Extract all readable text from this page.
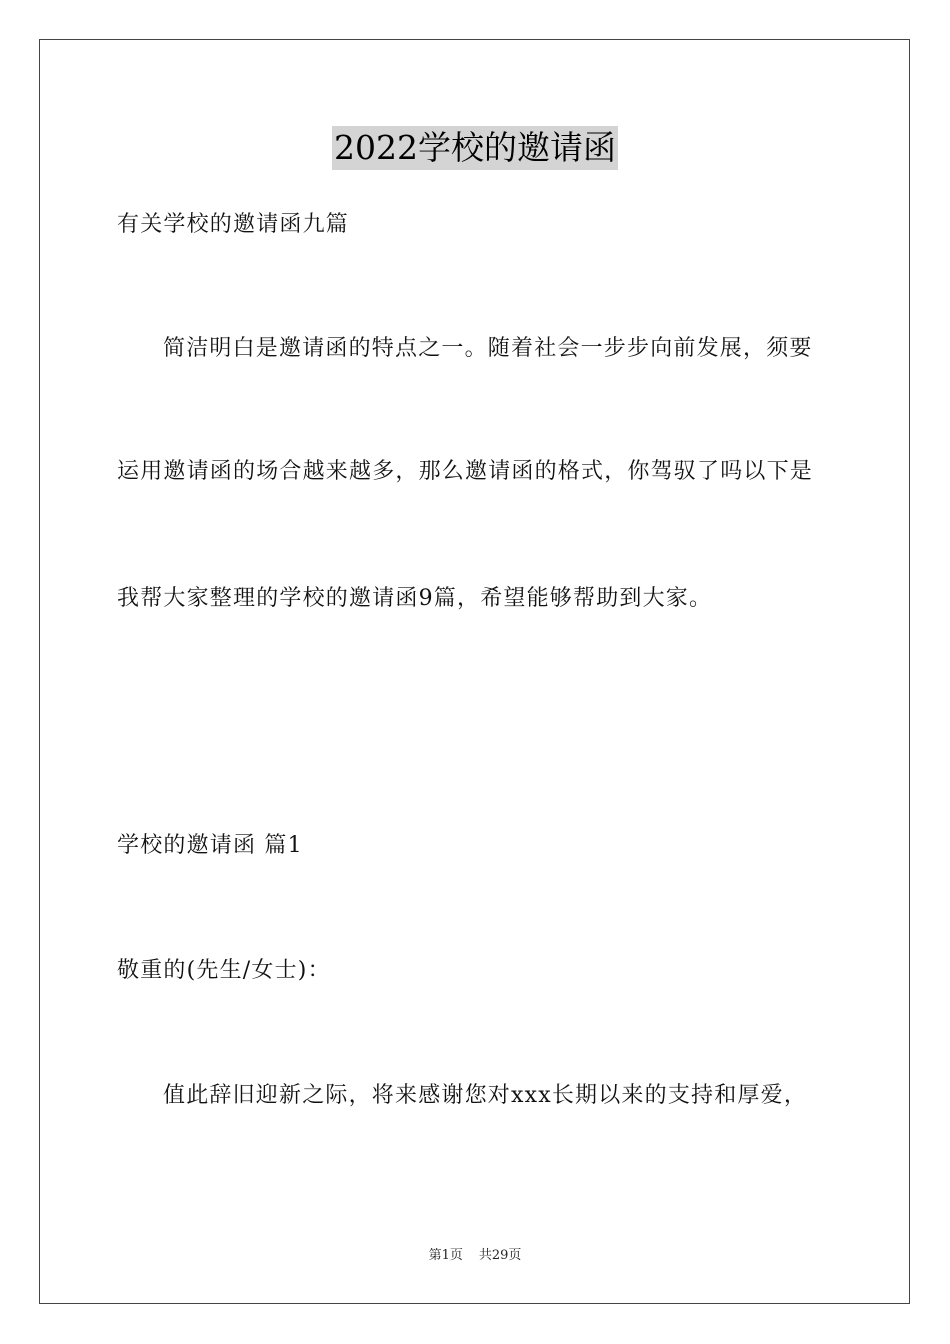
2022学校的邀请函
有关学校的邀请函九篇
简洁明白是邀请函的特点之一。随着社会一步步向前发展，须要
运用邀请函的场合越来越多，那么邀请函的格式，你驾驭了吗以下是
我帮大家整理的学校的邀请函9篇，希望能够帮助到大家。
学校的邀请函 篇1
敬重的(先生/女士)：
值此辞旧迎新之际，将来感谢您对xxx长期以来的支持和厚爱，
第1页 共29页
